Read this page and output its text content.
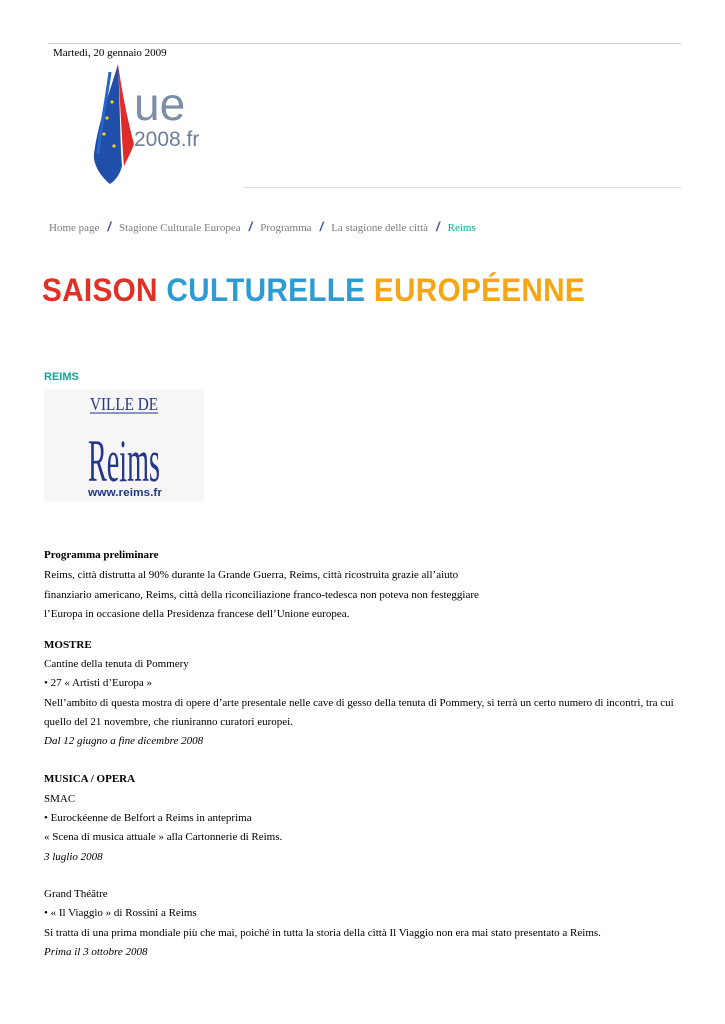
Martedì, 20 gennaio 2009
ue
2008.fr
Home page / Stagione Culturale Europea / Programma / La stagione delle città / Reims
SAISON CULTURELLE EUROPÉENNE
REIMS
VILLE DE
Reims
www.reims.fr
Programma preliminare
Reims, città distrutta al 90% durante la Grande Guerra, Reims, città ricostruita grazie all’aiuto
finanziario americano, Reims, città della riconciliazione franco-tedesca non poteva non festeggiare
l’Europa in occasione della Presidenza francese dell’Unione europea.
MOSTRE
Cantine della tenuta di Pommery
• 27 « Artisti d’Europa »
Nell’ambito di questa mostra di opere d’arte presentale nelle cave di gesso della tenuta di Pommery, si terrà un certo numero di incontri, tra cui
quello del 21 novembre, che riuniranno curatori europei.
Dal 12 giugno a fine dicembre 2008
MUSICA / OPERA
SMAC
• Eurockéenne de Belfort a Reims in anteprima
« Scena di musica attuale » alla Cartonnerie di Reims.
3 luglio 2008
Grand Théâtre
• « Il Viaggio » di Rossini a Reims
Si tratta di una prima mondiale più che mai, poiché in tutta la storia della città Il Viaggio non era mai stato presentato a Reims.
Prima il 3 ottobre 2008
